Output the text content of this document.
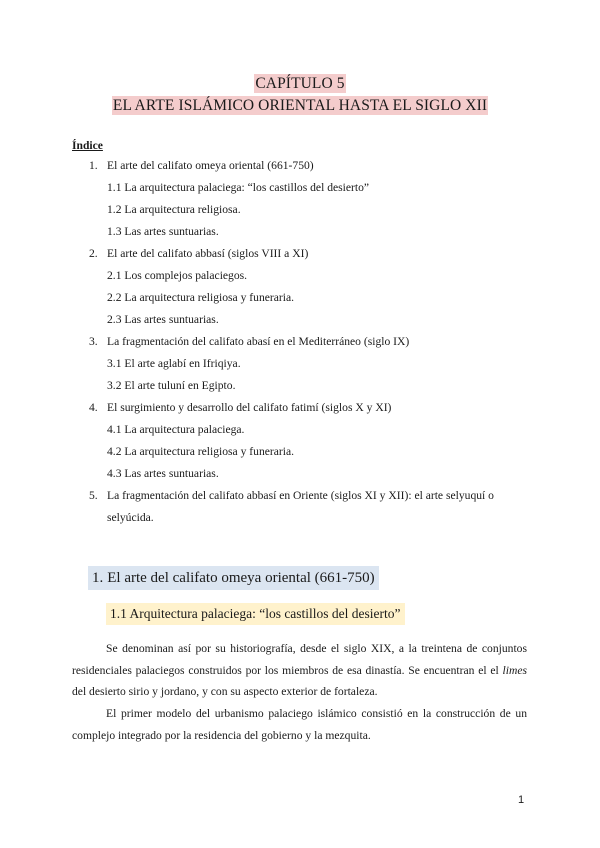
CAPÍTULO 5
EL ARTE ISLÁMICO ORIENTAL HASTA EL SIGLO XII
Índice
1. El arte del califato omeya oriental (661-750)
1.1 La arquitectura palaciega: “los castillos del desierto”
1.2 La arquitectura religiosa.
1.3 Las artes suntuarias.
2. El arte del califato abbasí (siglos VIII a XI)
2.1 Los complejos palaciegos.
2.2 La arquitectura religiosa y funeraria.
2.3 Las artes suntuarias.
3. La fragmentación del califato abasí en el Mediterráneo (siglo IX)
3.1 El arte aglabí en Ifriqiya.
3.2 El arte tuluní en Egipto.
4. El surgimiento y desarrollo del califato fatimí (siglos X y XI)
4.1 La arquitectura palaciega.
4.2 La arquitectura religiosa y funeraria.
4.3 Las artes suntuarias.
5. La fragmentación del califato abbasí en Oriente (siglos XI y XII): el arte selyuquí o selyúcida.
1. El arte del califato omeya oriental (661-750)
1.1 Arquitectura palaciega: “los castillos del desierto”

Se denominan así por su historiografía, desde el siglo XIX, a la treintena de conjuntos residenciales palaciegos construidos por los miembros de esa dinastía. Se encuentran el el limes del desierto sirio y jordano, y con su aspecto exterior de fortaleza.

El primer modelo del urbanismo palaciego islámico consistió en la construcción de un complejo integrado por la residencia del gobierno y la mezquita.

1
